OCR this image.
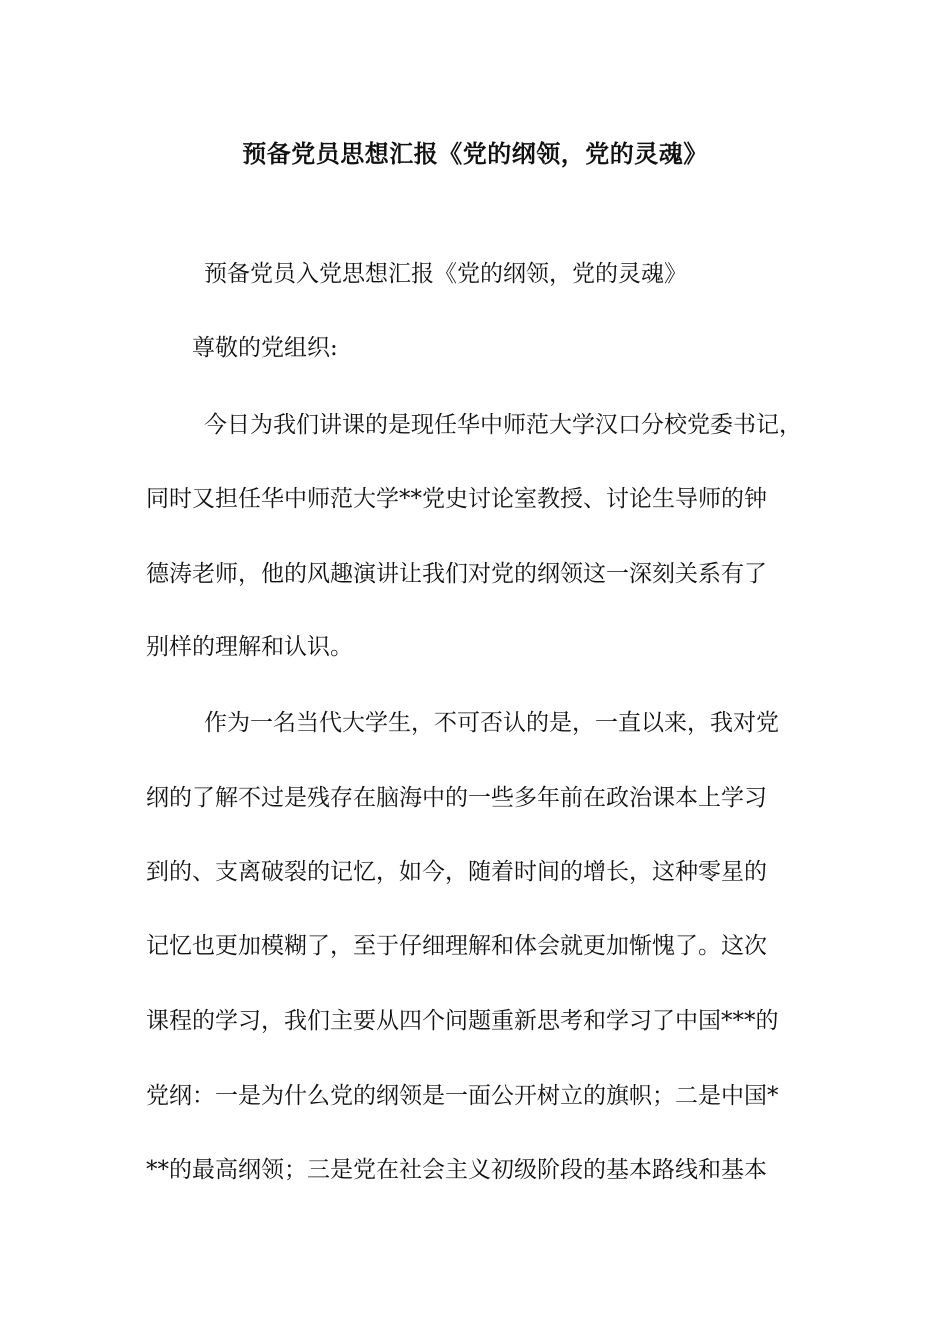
预备党员思想汇报《党的纲领，党的灵魂》
预备党员入党思想汇报《党的纲领，党的灵魂》
尊敬的党组织:
今日为我们讲课的是现任华中师范大学汉口分校党委书记，
同时又担任华中师范大学**党史讨论室教授、讨论生导师的钟
德涛老师，他的风趣演讲让我们对党的纲领这一深刻关系有了
别样的理解和认识。
作为一名当代大学生，不可否认的是，一直以来，我对党
纲的了解不过是残存在脑海中的一些多年前在政治课本上学习
到的、支离破裂的记忆，如今，随着时间的增长，这种零星的
记忆也更加模糊了，至于仔细理解和体会就更加惭愧了。这次
课程的学习，我们主要从四个问题重新思考和学习了中国***的
党纲：一是为什么党的纲领是一面公开树立的旗帜；二是中国*
**的最高纲领；三是党在社会主义初级阶段的基本路线和基本
